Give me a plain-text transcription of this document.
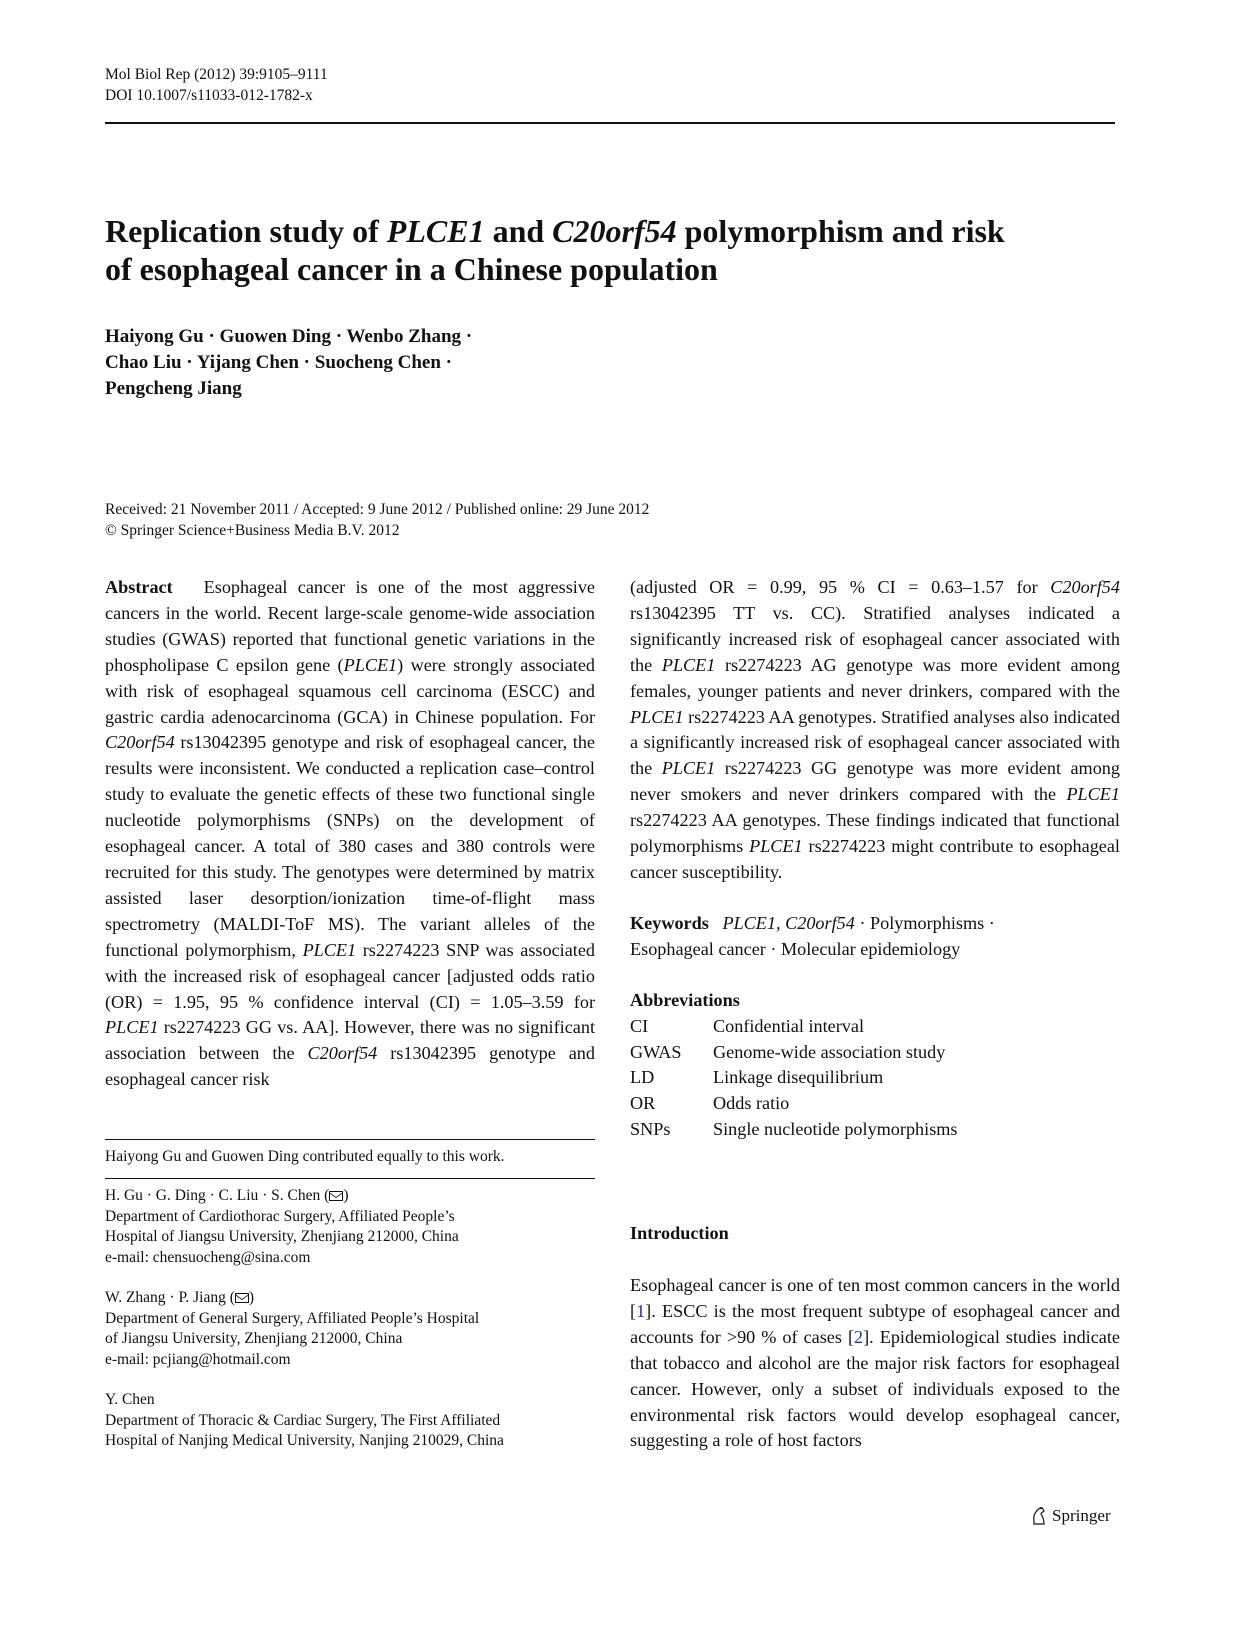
Mol Biol Rep (2012) 39:9105–9111
DOI 10.1007/s11033-012-1782-x
Replication study of PLCE1 and C20orf54 polymorphism and risk
of esophageal cancer in a Chinese population
Haiyong Gu · Guowen Ding · Wenbo Zhang ·
Chao Liu · Yijang Chen · Suocheng Chen ·
Pengcheng Jiang
Received: 21 November 2011 / Accepted: 9 June 2012 / Published online: 29 June 2012
© Springer Science+Business Media B.V. 2012

Abstract Esophageal cancer is one of the most aggressive cancers in the world. Recent large-scale genome-wide association studies (GWAS) reported that functional genetic variations in the phospholipase C epsilon gene (PLCE1) were strongly associated with risk of esophageal squamous cell carcinoma (ESCC) and gastric cardia adenocarcinoma (GCA) in Chinese population. For C20orf54 rs13042395 genotype and risk of esophageal cancer, the results were inconsistent. We conducted a replication case–control study to evaluate the genetic effects of these two functional single nucleotide polymorphisms (SNPs) on the development of esophageal cancer. A total of 380 cases and 380 controls were recruited for this study. The genotypes were determined by matrix assisted laser desorption/ionization time-of-flight mass spectrometry (MALDI-ToF MS). The variant alleles of the functional polymorphism, PLCE1 rs2274223 SNP was associated with the increased risk of esophageal cancer [adjusted odds ratio (OR) = 1.95, 95 % confidence interval (CI) = 1.05–3.59 for PLCE1 rs2274223 GG vs. AA]. However, there was no significant association between the C20orf54 rs13042395 genotype and esophageal cancer risk

(adjusted OR = 0.99, 95 % CI = 0.63–1.57 for C20orf54 rs13042395 TT vs. CC). Stratified analyses indicated a significantly increased risk of esophageal cancer associated with the PLCE1 rs2274223 AG genotype was more evident among females, younger patients and never drinkers, compared with the PLCE1 rs2274223 AA genotypes. Stratified analyses also indicated a significantly increased risk of esophageal cancer associated with the PLCE1 rs2274223 GG genotype was more evident among never smokers and never drinkers compared with the PLCE1 rs2274223 AA genotypes. These findings indicated that functional polymorphisms PLCE1 rs2274223 might contribute to esophageal cancer susceptibility.

Keywords PLCE1, C20orf54 · Polymorphisms ·
Esophageal cancer · Molecular epidemiology

Abbreviations
CI	Confidential interval
GWAS	Genome-wide association study
LD	Linkage disequilibrium
OR	Odds ratio
SNPs	Single nucleotide polymorphisms

Introduction

Esophageal cancer is one of ten most common cancers in the world [1]. ESCC is the most frequent subtype of esophageal cancer and accounts for >90 % of cases [2]. Epidemiological studies indicate that tobacco and alcohol are the major risk factors for esophageal cancer. However, only a subset of individuals exposed to the environmental risk factors would develop esophageal cancer, suggesting a role of host factors

Haiyong Gu and Guowen Ding contributed equally to this work.
H. Gu · G. Ding · C. Liu · S. Chen ( )
Department of Cardiothorac Surgery, Affiliated People’s
Hospital of Jiangsu University, Zhenjiang 212000, China
e-mail: chensuocheng@sina.com
W. Zhang · P. Jiang ( )
Department of General Surgery, Affiliated People’s Hospital
of Jiangsu University, Zhenjiang 212000, China
e-mail: pcjiang@hotmail.com
Y. Chen
Department of Thoracic & Cardiac Surgery, The First Affiliated
Hospital of Nanjing Medical University, Nanjing 210029, China
Springer
